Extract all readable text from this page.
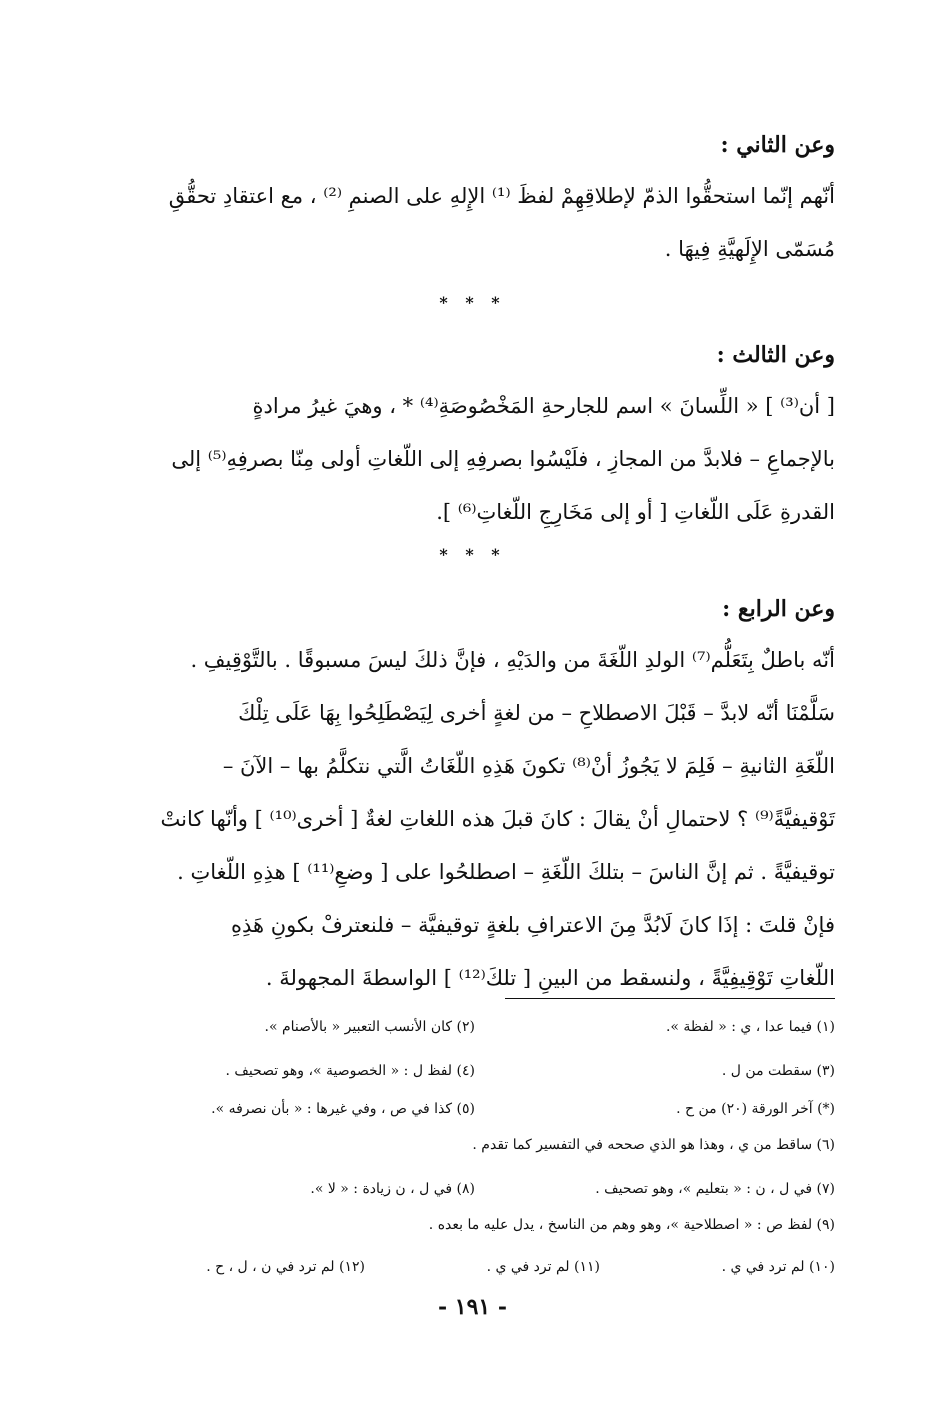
وعن الثاني :
أنّهم إنّما استحقُّوا الذمّ لإطلاقِهِمْ لفظَ ⁽¹⁾ الإِلهِ على الصنمِ ⁽²⁾ ، مع اعتقادِ تحقُّقِ
مُسَمّى الإِلَهيَّةِ فِيهَا .
* * *
وعن الثالث :
[ أن⁽³⁾ ] « اللِّسانَ » اسم للجارحةِ المَخْصُوصَةِ⁽⁴⁾ * ، وهيَ غيرُ مرادةٍ
بالإجماعِ – فلابدَّ من المجازِ ، فلَيْسُوا بصرفِهِ إلى اللّغاتِ أولى مِنّا بصرفِهِ⁽⁵⁾ إلى
القدرةِ عَلَى اللّغاتِ [ أو إلى مَخَارِجِ اللّغاتِ⁽⁶⁾ ].
* * *
وعن الرابع :
أنّه باطلٌ بِتَعَلُّم⁽⁷⁾ الولدِ اللّغَةَ من والدَيْهِ ، فإنَّ ذلكَ ليسَ مسبوقًا . بالتَّوْقِيفِ .
سَلَّمْنَا أنّه لابدَّ – قَبْلَ الاصطلاحِ – من لغةٍ أخرى لِيَصْطَلِحُوا بِهَا عَلَى تِلْكَ
اللّغَةِ الثانيةِ – فَلِمَ لا يَجُوزُ أنْ⁽⁸⁾ تكونَ هَذِهِ اللّغَاتُ الَّتي نتكلَّمُ بها – الآنَ –
تَوْقيفيَّةً⁽⁹⁾ ؟ لاحتمالِ أنْ يقالَ : كانَ قبلَ هذه اللغاتِ لغةٌ [ أخرى⁽¹⁰⁾ ] وأنّها كانتْ
توقيفيَّةً . ثم إنَّ الناسَ – بتلكَ اللّغَةِ – اصطلحُوا على [ وضعِ⁽¹¹⁾ ] هذِهِ اللّغاتِ .
فإنْ قلتَ : إذَا كانَ لَابُدَّ مِنَ الاعترافِ بلغةٍ توقيفيَّة – فلنعترفْ بكونِ هَذِهِ
اللّغاتِ تَوْقِيفِيَّةً ، ولنسقط من البينِ [ تلكَ⁽¹²⁾ ] الواسطةَ المجهولةَ .
(١) فيما عدا ، ي : « لفظة ».
(٢) كان الأنسب التعبير « بالأصنام ».
(٣) سقطت من ل .
(٤) لفظ ل : « الخصوصية »، وهو تصحيف .
(*) آخر الورقة (٢٠) من ح .
(٥) كذا في ص ، وفي غيرها : « بأن نصرفه ».
(٦) ساقط من ي ، وهذا هو الذي صححه في التفسير كما تقدم .
(٧) في ل ، ن : « بتعليم »، وهو تصحيف .
(٨) في ل ، ن زيادة : « لا ».
(٩) لفظ ص : « اصطلاحية »، وهو وهم من الناسخ ، يدل عليه ما بعده .
(١٠) لم ترد في ي .
(١١) لم ترد في ي .
(١٢) لم ترد في ن ، ل ، ح .
- ١٩١ -
